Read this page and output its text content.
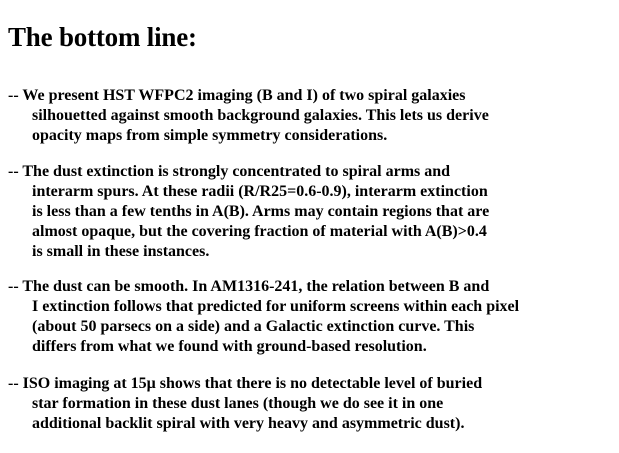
The bottom line:
-- We present HST WFPC2 imaging (B and I) of two spiral galaxies
silhouetted against smooth background galaxies. This lets us derive
opacity maps from simple symmetry considerations.
-- The dust extinction is strongly concentrated to spiral arms and
interarm spurs. At these radii (R/R25=0.6-0.9), interarm extinction
is less than a few tenths in A(B). Arms may contain regions that are
almost opaque, but the covering fraction of material with A(B)>0.4
is small in these instances.
-- The dust can be smooth. In AM1316-241, the relation between B and
I extinction follows that predicted for uniform screens within each pixel
(about 50 parsecs on a side) and a Galactic extinction curve. This
differs from what we found with ground-based resolution.
-- ISO imaging at 15μ shows that there is no detectable level of buried
star formation in these dust lanes (though we do see it in one
additional backlit spiral with very heavy and asymmetric dust).
